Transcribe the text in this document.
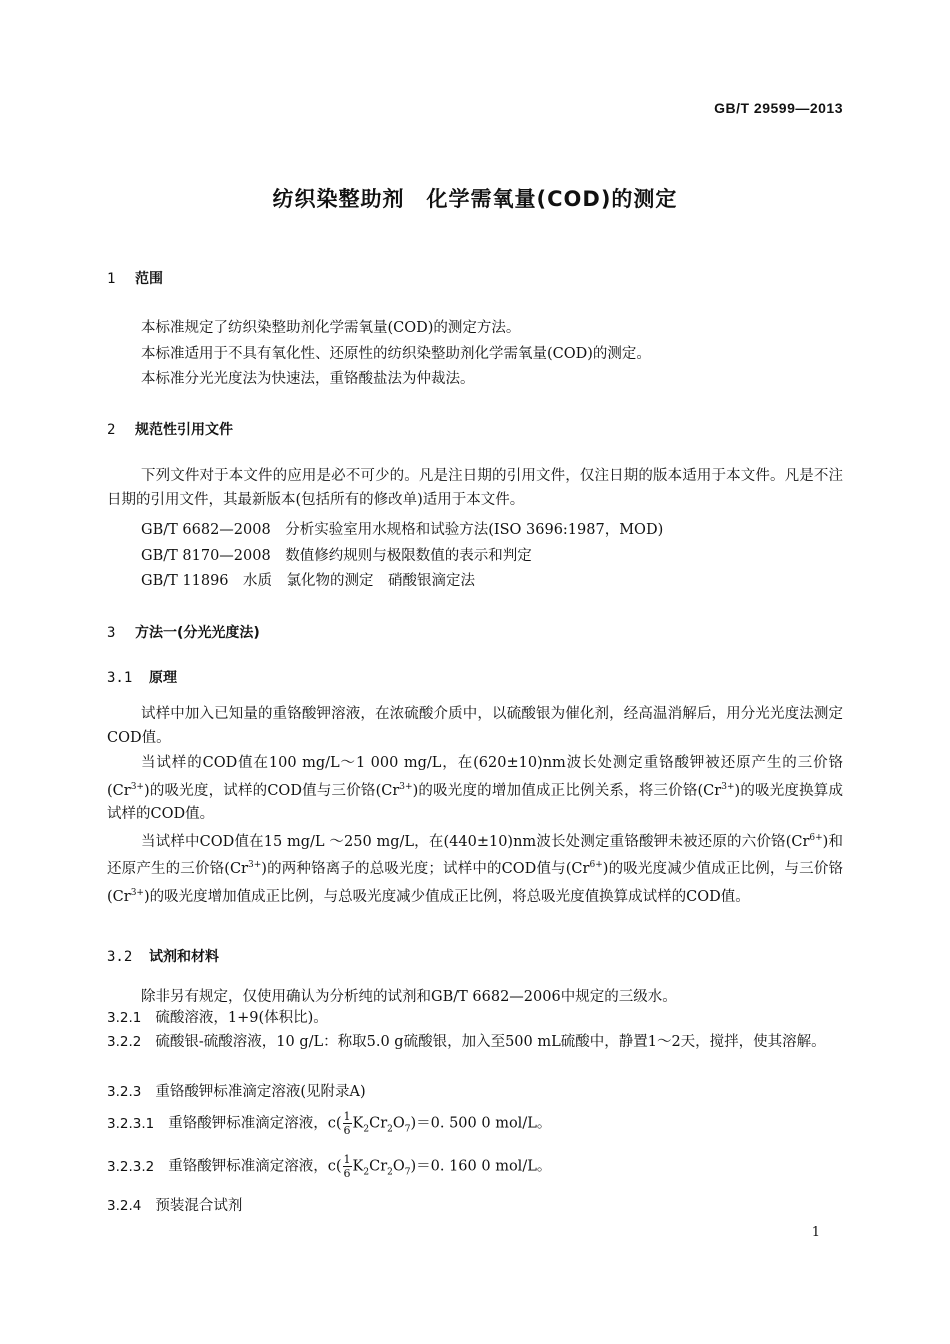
GB/T 29599—2013
纺织染整助剂　化学需氧量(COD)的测定
1 范围
本标准规定了纺织染整助剂化学需氧量(COD)的测定方法。
本标准适用于不具有氧化性、还原性的纺织染整助剂化学需氧量(COD)的测定。
本标准分光光度法为快速法，重铬酸盐法为仲裁法。
2 规范性引用文件
下列文件对于本文件的应用是必不可少的。凡是注日期的引用文件，仅注日期的版本适用于本文件。凡是不注日期的引用文件，其最新版本(包括所有的修改单)适用于本文件。
GB/T 6682—2008　分析实验室用水规格和试验方法(ISO 3696:1987，MOD)
GB/T 8170—2008　数值修约规则与极限数值的表示和判定
GB/T 11896　水质　氯化物的测定　硝酸银滴定法
3 方法一(分光光度法)
3.1 原理
试样中加入已知量的重铬酸钾溶液，在浓硫酸介质中，以硫酸银为催化剂，经高温消解后，用分光光度法测定COD值。
当试样的COD值在100 mg/L～1 000 mg/L，在(620±10)nm波长处测定重铬酸钾被还原产生的三价铬$(Cr^{3+})$的吸光度，试样的COD值与三价铬$(Cr^{3+})$的吸光度的增加值成正比例关系，将三价铬$(Cr^{3+})$的吸光度换算成试样的COD值。
当试样中COD值在15 mg/L ～250 mg/L，在(440±10)nm波长处测定重铬酸钾未被还原的六价铬$(Cr^{6+})$和还原产生的三价铬$(Cr^{3+})$的两种铬离子的总吸光度；试样中的COD值与$(Cr^{6+})$的吸光度减少值成正比例，与三价铬$(Cr^{3+})$的吸光度增加值成正比例，与总吸光度减少值成正比例，将总吸光度值换算成试样的COD值。
3.2 试剂和材料
除非另有规定，仅使用确认为分析纯的试剂和GB/T 6682—2006中规定的三级水。
3.2.1 硫酸溶液，1+9(体积比)。
3.2.2 硫酸银-硫酸溶液，10 g/L：称取5.0 g硫酸银，加入至500 mL硫酸中，静置1～2天，搅拌，使其溶解。
3.2.3 重铬酸钾标准滴定溶液(见附录A)
3.2.3.1 重铬酸钾标准滴定溶液，$c( \frac{1}{6} K_2Cr_2O_7)=0$. 500 0 mol/L。
3.2.3.2 重铬酸钾标准滴定溶液，$c( \frac{1}{6} K_2Cr_2O_7)=0$. 160 0 mol/L。
3.2.4 预装混合试剂
1
